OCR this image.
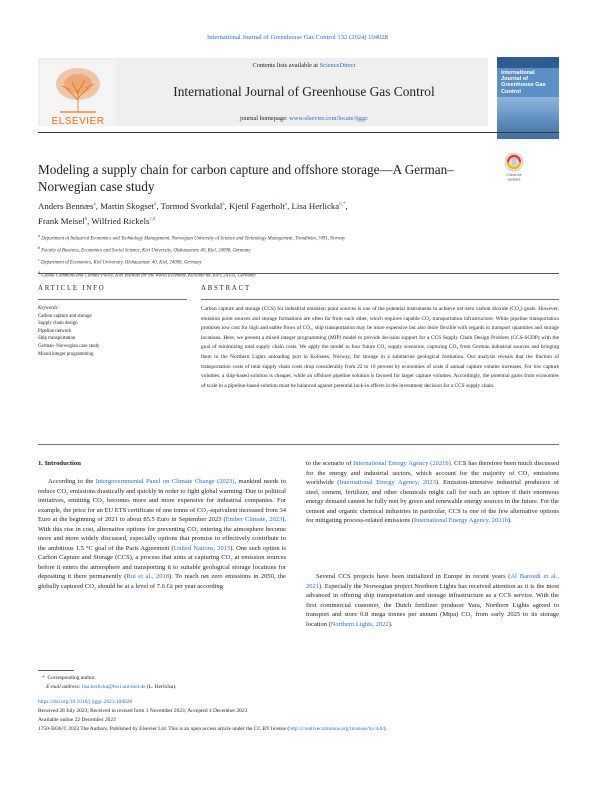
International Journal of Greenhouse Gas Control 132 (2024) 104028
ELSEVIER
Contents lists available at ScienceDirect
International Journal of Greenhouse Gas Control
journal homepage: www.elsevier.com/locate/ijggc
International Journal of Greenhouse Gas Control
Modeling a supply chain for carbon capture and offshore storage—A German–Norwegian case study
Check for
updates
Anders Bennæs$^a$, Martin Skogset$^a$, Tormod Svorkdal$^a$, Kjetil Fagerholt$^a$, Lisa Herlicka$^{b,*}$,
Frank Meisel$^b$, Wilfried Rickels$^{c,d}$
$^a$ Department of Industrial Economics and Technology Management, Norwegian University of Science and Technology Management, Trondheim, 7491, Norway
$^b$ Faculty of Business, Economics and Social Science, Kiel University, Olshausenstr. 40, Kiel, 24098, Germany
$^c$ Department of Economics, Kiel University, Olshausenstr. 40, Kiel, 24098, Germany
$^d$ Global Commons and Climate Policy, Kiel Institute for the World Economy, Kiellinie 66, Kiel, 24105, Germany
ARTICLE INFO	ABSTRACT
Keywords:
Carbon capture and storage
Supply chain design
Pipeline network
Ship transportation
German–Norwegian case study
Mixed integer programming
Carbon capture and storage (CCS) for industrial emission point sources is one of the potential instruments to achieve net-zero carbon dioxide (CO₂) goals. However, emission point sources and storage formations are often far from each other, which requires capable CO₂ transportation infrastructure. While pipeline transportation promises low cost for high and stable flows of CO₂, ship transportation may be more expensive but also more flexible with regards to transport quantities and storage locations. Here, we present a mixed integer programming (MIP) model to provide decision support for a CCS Supply Chain Design Problem (CCS-SCDP) with the goal of minimizing total supply chain costs. We apply the model to four future CO₂ supply scenarios, capturing CO₂ from German industrial sources and bringing them to the Northern Lights unloading port in Kollsnes, Norway, for storage in a submarine geological formation. Our analysis reveals that the fraction of transportation costs of total supply chain costs drop considerably from 22 to 10 percent by economies of scale if annual capture volume increases. For low capture volumes, a ship-based solution is cheaper, while an offshore pipeline solution is favored for larger capture volumes. Accordingly, the potential gains from economies of scale in a pipeline-based solution must be balanced against potential lock-in effects in the investment decision for a CCS supply chain.
1. Introduction
According to the Intergovernmental Panel on Climate Change (2023), mankind needs to reduce CO₂ emissions drastically and quickly in order to fight global warming. Due to political initiatives, emitting CO₂ becomes more and more expensive for industrial companies. For example, the price for an EU ETS certificate of one tonne of CO₂-equivalent increased from 34 Euro at the beginning of 2021 to about 85.5 Euro in September 2023 (Ember Climate, 2023). With this rise in cost, alternative options for preventing CO₂ entering the atmosphere become more and more widely discussed, especially options that promise to effectively contribute to the ambitious 1.5 °C goal of the Paris Agreement (United Nations, 2015). One such option is Carbon Capture and Storage (CCS), a process that aims at capturing CO₂ at emission sources before it enters the atmosphere and transporting it to suitable geological storage locations for depositing it there permanently (Bui et al., 2018). To reach net zero emissions in 2050, the globally captured CO₂ should be at a level of 7.6 Gt per year according
to the scenario of International Energy Agency (2021b). CCS has therefore been much discussed for the energy and industrial sectors, which account for the majority of CO₂ emissions worldwide (International Energy Agency, 2023). Emission-intensive industrial producers of steel, cement, fertilizer, and other chemicals might call for such an option if their enormous energy demand cannot be fully met by green and renewable energy sources in the future. For the cement and organic chemical industries in particular, CCS is one of the few alternative options for mitigating process-related emissions (International Energy Agency, 2021b).
Several CCS projects have been initialized in Europe in recent years (Al Baroudi et al., 2021). Especially the Norwegian project Northern Lights has received attention as it is the most advanced in offering ship transportation and storage infrastructure as a CCS service. With the first commercial customer, the Dutch fertilizer producer Yara, Northern Lights agreed to transport and store 0.8 mega tonnes per annum (Mtpa) CO₂ from early 2025 to its storage location (Northern Lights, 2022).
* Corresponding author.
E-mail address: lisa.herlicka@bwl.uni-kiel.de (L. Herlicka).
https://doi.org/10.1016/j.ijggc.2023.104028
Received 28 July 2023; Received in revised form 1 November 2023; Accepted 4 December 2023
Available online 22 December 2023
1750-5836/© 2023 The Authors. Published by Elsevier Ltd. This is an open access article under the CC BY license (http://creativecommons.org/licenses/by/4.0/).
